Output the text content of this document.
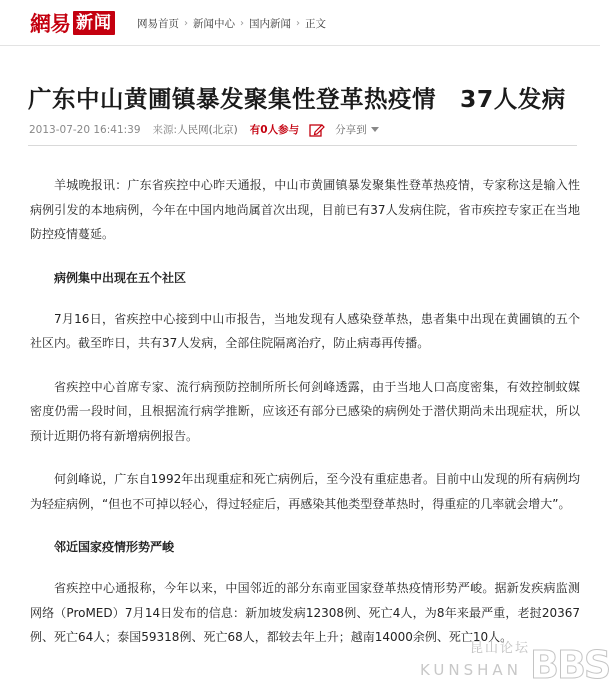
網易 新闻 网易首页 › 新闻中心 › 国内新闻 › 正文
广东中山黄圃镇暴发聚集性登革热疫情　37人发病
2013-07-20 16:41:39 来源:人民网(北京) 有0人参与	分享到

羊城晚报讯：广东省疾控中心昨天通报，中山市黄圃镇暴发聚集性登革热疫情，专家称这是输入性病例引发的本地病例，今年在中国内地尚属首次出现，目前已有37人发病住院，省市疾控专家正在当地防控疫情蔓延。

病例集中出现在五个社区

7月16日，省疾控中心接到中山市报告，当地发现有人感染登革热，患者集中出现在黄圃镇的五个社区内。截至昨日，共有37人发病，全部住院隔离治疗，防止病毒再传播。

省疾控中心首席专家、流行病预防控制所所长何剑峰透露，由于当地人口高度密集，有效控制蚊媒密度仍需一段时间，且根据流行病学推断，应该还有部分已感染的病例处于潜伏期尚未出现症状，所以预计近期仍将有新增病例报告。

何剑峰说，广东自1992年出现重症和死亡病例后，至今没有重症患者。目前中山发现的所有病例均为轻症病例，“但也不可掉以轻心，得过轻症后，再感染其他类型登革热时，得重症的几率就会增大”。

邻近国家疫情形势严峻

省疾控中心通报称，今年以来，中国邻近的部分东南亚国家登革热疫情形势严峻。据新发疾病监测网络（ProMED）7月14日发布的信息：新加坡发病12308例、死亡4人，为8年来最严重，老挝20367例、死亡64人；泰国59318例、死亡68人，都较去年上升；越南14000余例、死亡10人。

昆山论坛
KUNSHAN BBS
